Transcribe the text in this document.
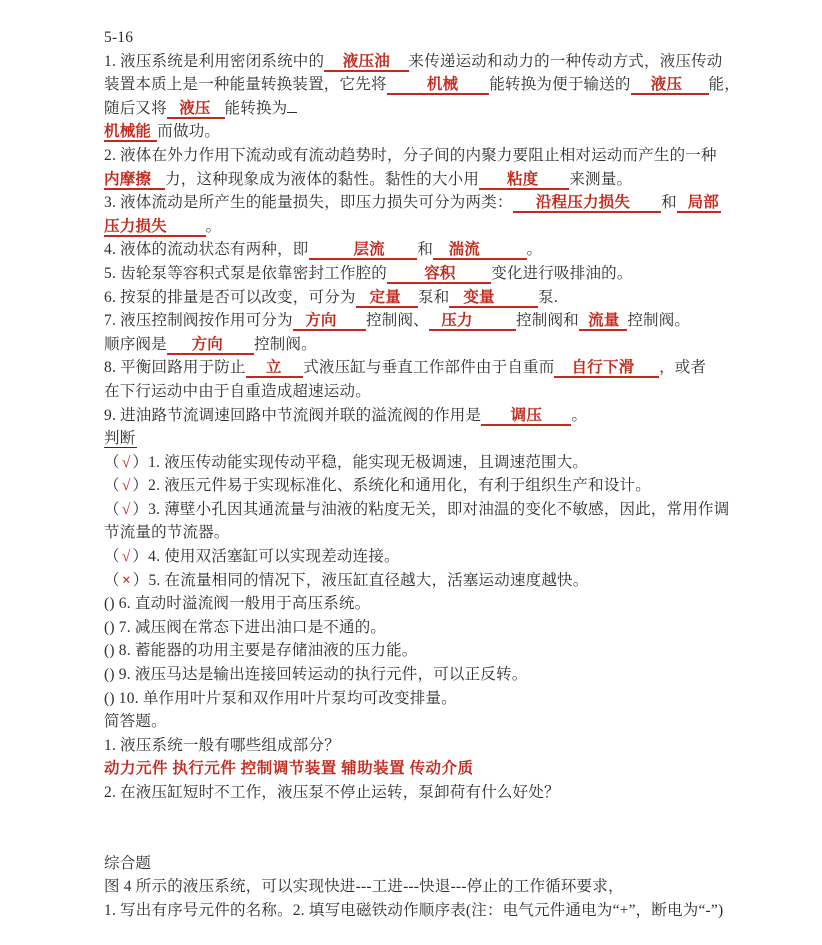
5-16
1. 液压系统是利用密闭系统中的 液压油 来传递运动和动力的一种传动方式，液压传动
装置本质上是一种能量转换装置，它先将	机械 能转换为便于输送的 液压 能，
随后又将 液压 能转换为
机械能 而做功。
2. 液体在外力作用下流动或有流动趋势时，分子间的内聚力要阻止相对运动而产生的一种
内摩擦 力，这种现象成为液体的黏性。黏性的大小用 粘度 来测量。
3. 液体流动是所产生的能量损失，即压力损失可分为两类： 沿程压力损失 和 局部
压力损失	。
4. 液体的流动状态有两种，即	层流 和 湍流	。
5. 齿轮泵等容积式泵是依靠密封工作腔的 容积 变化进行吸排油的。
6. 按泵的排量是否可以改变，可分为 定量 泵和 变量	泵.
7. 液压控制阀按作用可分为 方向 控制阀、 压力	控制阀和 流量 控制阀。
顺序阀是 方向 控制阀。
8. 平衡回路用于防止 立 式液压缸与垂直工作部件由于自重而 自行下滑 ，或者
在下行运动中由于自重造成超速运动。
9. 进油路节流调速回路中节流阀并联的溢流阀的作用是 调压 。
判断
（ √ ）1. 液压传动能实现传动平稳，能实现无极调速，且调速范围大。
（ √ ）2. 液压元件易于实现标准化、系统化和通用化，有利于组织生产和设计。
（ √ ）3. 薄壁小孔因其通流量与油液的粘度无关，即对油温的变化不敏感，因此，常用作调
节流量的节流器。
（ √ ）4. 使用双活塞缸可以实现差动连接。
（ × ）5. 在流量相同的情况下，液压缸直径越大，活塞运动速度越快。
() 6. 直动时溢流阀一般用于高压系统。
() 7. 减压阀在常态下进出油口是不通的。
() 8. 蓄能器的功用主要是存储油液的压力能。
() 9. 液压马达是输出连接回转运动的执行元件，可以正反转。
() 10. 单作用叶片泵和双作用叶片泵均可改变排量。
简答题。
1. 液压系统一般有哪些组成部分？
动力元件 执行元件 控制调节装置 辅助装置 传动介质
2. 在液压缸短时不工作，液压泵不停止运转，泵卸荷有什么好处？
综合题
图 4 所示的液压系统，可以实现快进---工进---快退---停止的工作循环要求，
1. 写出有序号元件的名称。2. 填写电磁铁动作顺序表(注：电气元件通电为“+”，断电为“-”)
